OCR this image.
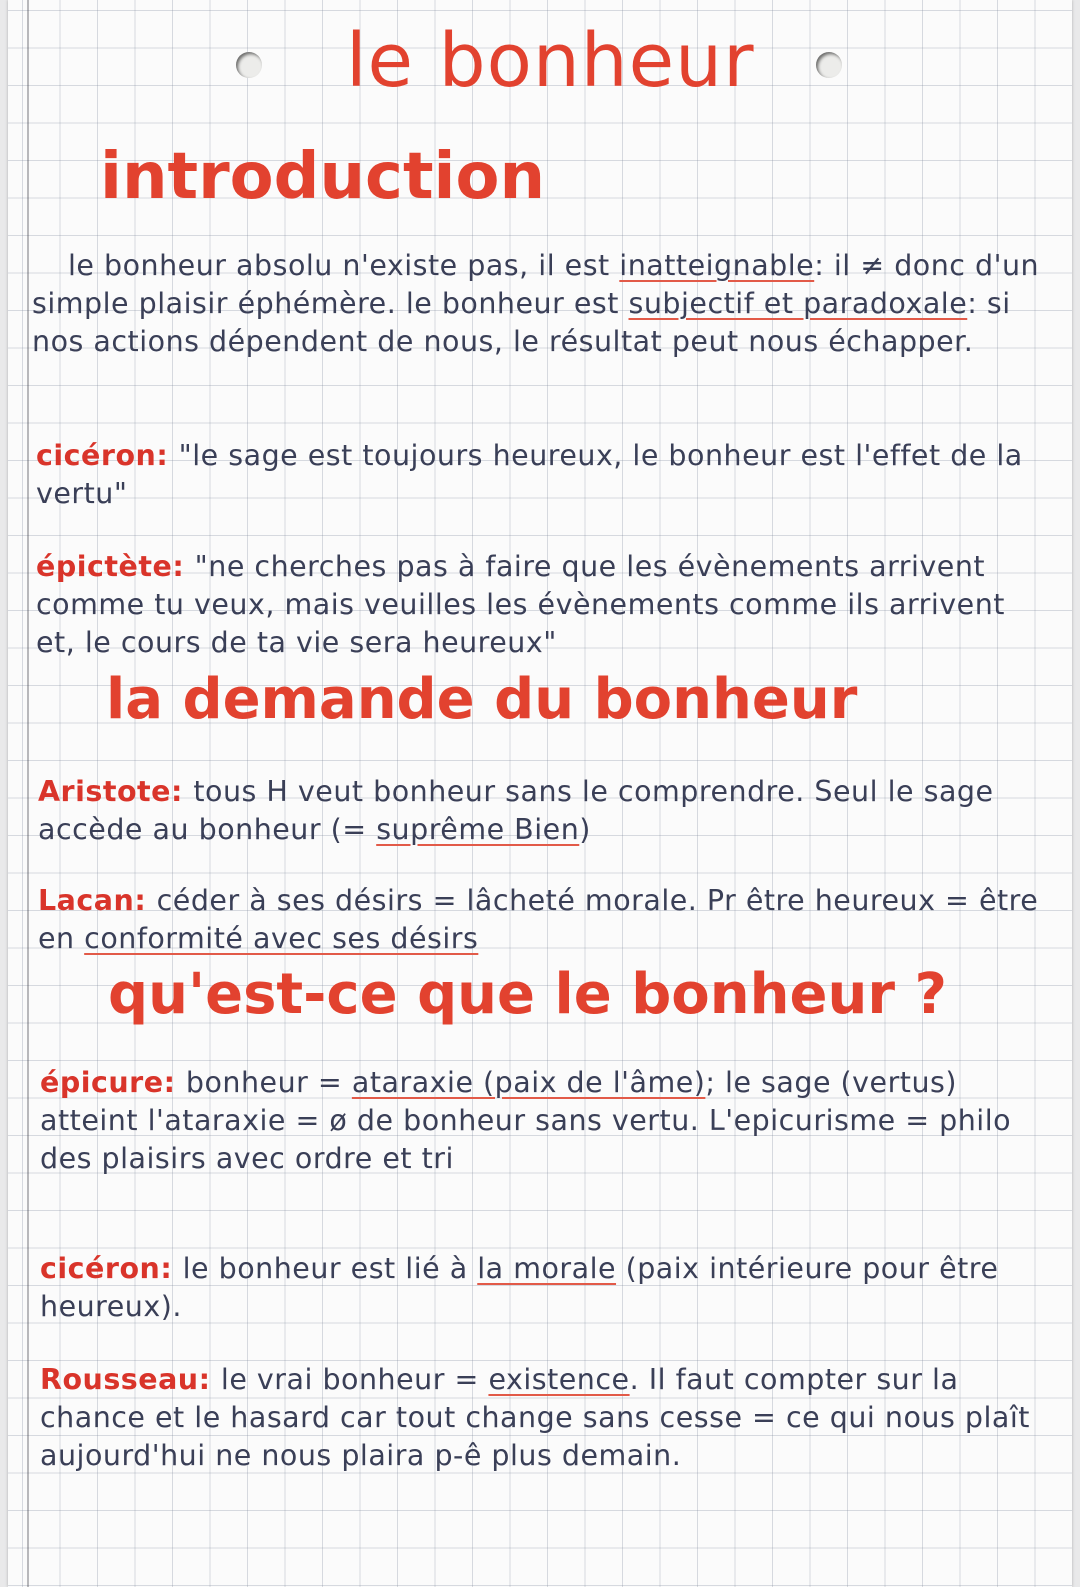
le bonheur
introduction
le bonheur absolu n'existe pas, il est inatteignable: il ≠ donc d'un simple plaisir éphémère. le bonheur est subjectif et paradoxale: si nos actions dépendent de nous, le résultat peut nous échapper.
cicéron: "le sage est toujours heureux, le bonheur est l'effet de la vertu"
épictète: "ne cherches pas à faire que les évènements arrivent comme tu veux, mais veuilles les évènements comme ils arrivent et, le cours de ta vie sera heureux"
la demande du bonheur
Aristote: tous H veut bonheur sans le comprendre. Seul le sage accède au bonheur (= suprême Bien)
Lacan: céder à ses désirs = lâcheté morale. Pr être heureux = être en conformité avec ses désirs
qu'est-ce que le bonheur ?
épicure: bonheur = ataraxie (paix de l'âme); le sage (vertus) atteint l'ataraxie = ø de bonheur sans vertu. L'epicurisme = philo des plaisirs avec ordre et tri
cicéron: le bonheur est lié à la morale (paix intérieure pour être heureux).
Rousseau: le vrai bonheur = existence. Il faut compter sur la chance et le hasard car tout change sans cesse = ce qui nous plaît aujourd'hui ne nous plaira p-ê plus demain.
